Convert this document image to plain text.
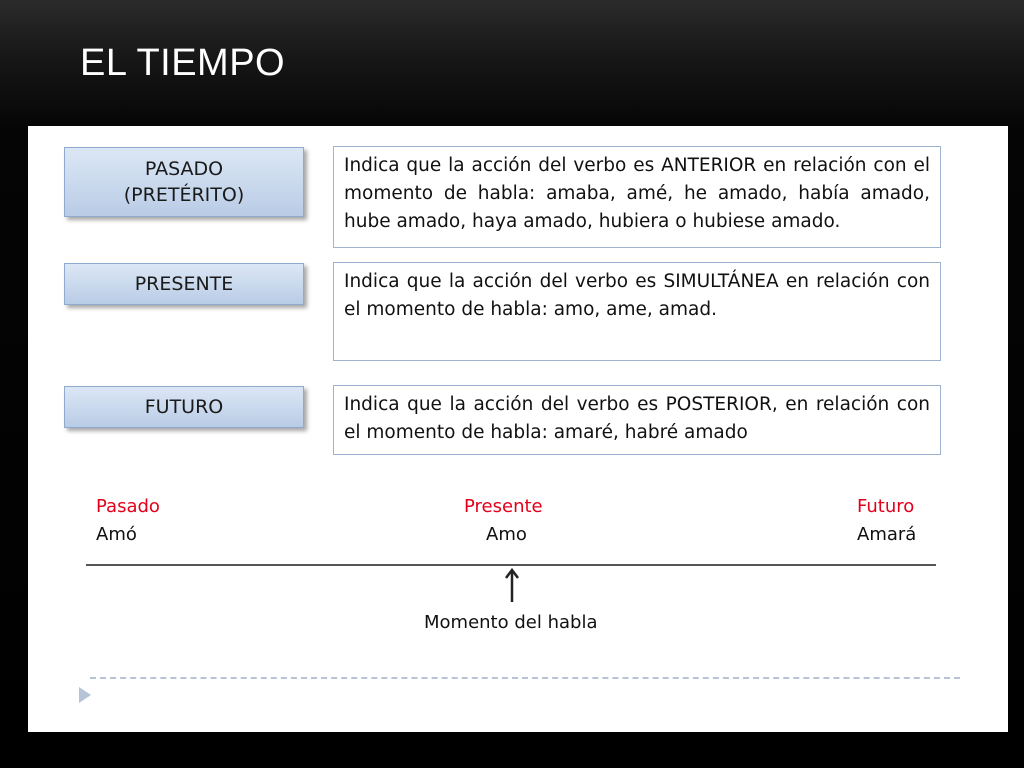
EL TIEMPO
PASADO
(PRETÉRITO)
Indica que la acción del verbo es ANTERIOR en relación con el momento de habla: amaba, amé, he amado, había amado, hube amado, haya amado, hubiera o hubiese amado.
PRESENTE	Indica que la acción del verbo es SIMULTÁNEA en relación con el momento de habla: amo, ame, amad.
FUTURO	Indica que la acción del verbo es POSTERIOR, en relación con el momento de habla: amaré, habré amado
Pasado
Amó
Presente
Amo
Futuro
Amará
Momento del habla
